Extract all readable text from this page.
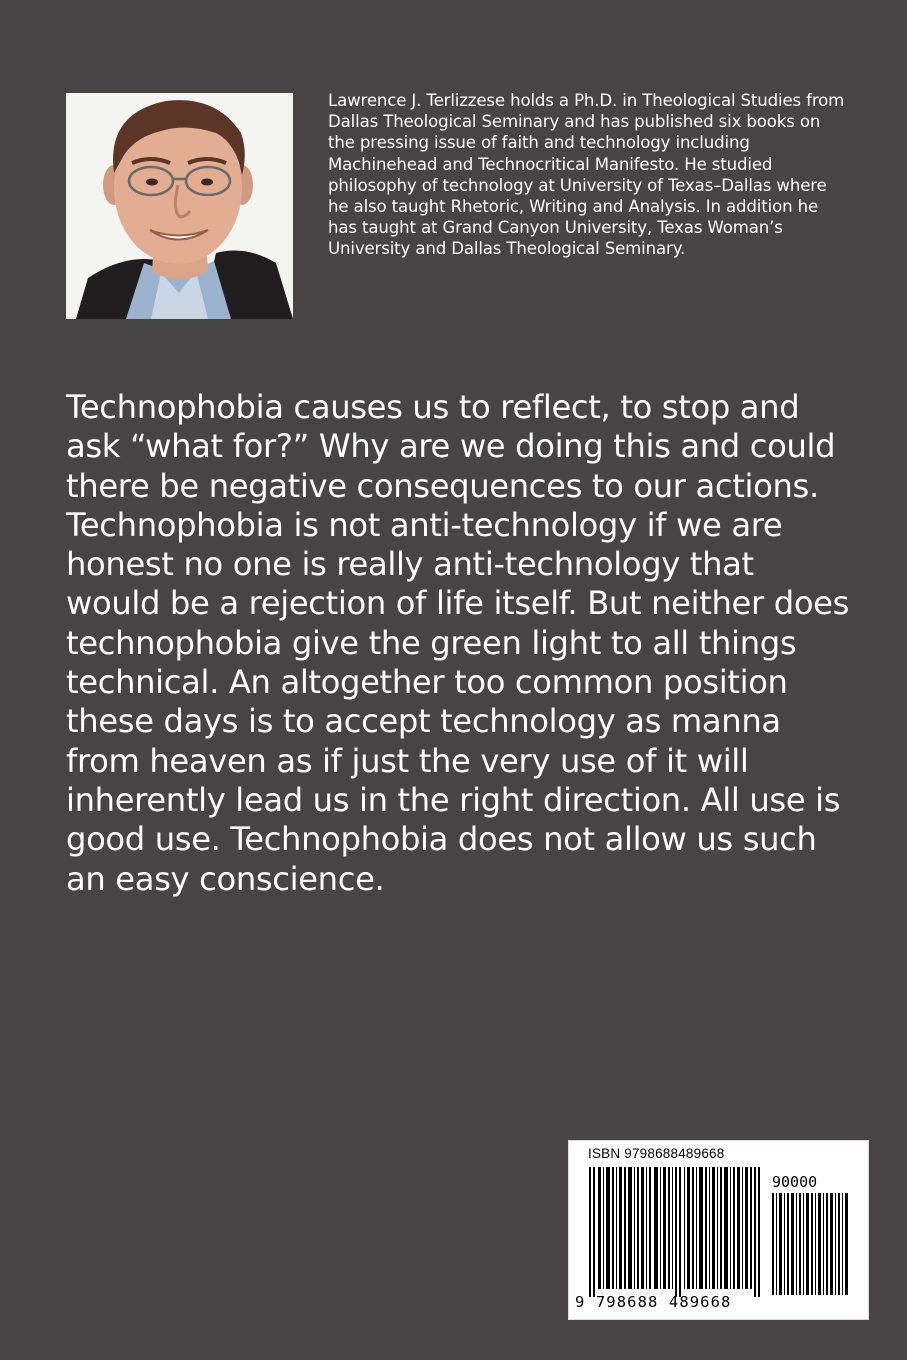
Lawrence J. Terlizzese holds a Ph.D. in Theological Studies from Dallas Theological Seminary and has published six books on the pressing issue of faith and technology including Machinehead and Technocritical Manifesto. He studied philosophy of technology at University of Texas–Dallas where he also taught Rhetoric, Writing and Analysis. In addition he has taught at Grand Canyon University, Texas Woman’s University and Dallas Theological Seminary.
Technophobia causes us to reflect, to stop and ask “what for?” Why are we doing this and could there be negative consequences to our actions. Technophobia is not anti-technology if we are honest no one is really anti-technology that would be a rejection of life itself. But neither does technophobia give the green light to all things technical. An altogether too common position these days is to accept technology as manna from heaven as if just the very use of it will inherently lead us in the right direction. All use is good use. Technophobia does not allow us such an easy conscience.
ISBN 9798688489668
90000
9 798688 489668
